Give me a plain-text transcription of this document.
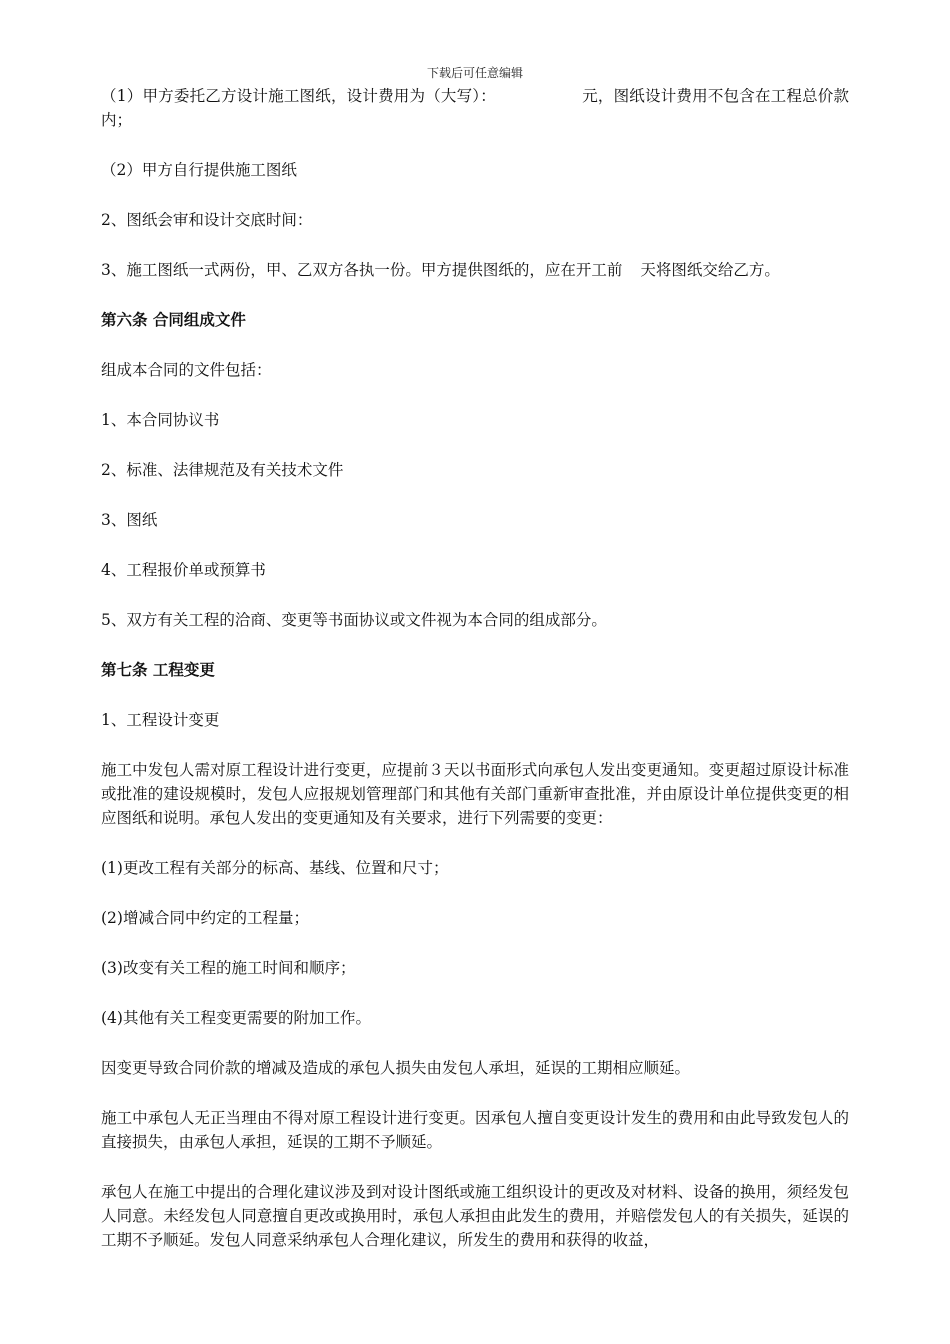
下载后可任意编辑

（1）甲方委托乙方设计施工图纸，设计费用为（大写）：	元，图纸设计费用不包含在工程总价款内；

（2）甲方自行提供施工图纸

2、图纸会审和设计交底时间：

3、施工图纸一式两份，甲、乙双方各执一份。甲方提供图纸的，应在开工前 天将图纸交给乙方。

第六条 合同组成文件

组成本合同的文件包括：

1、本合同协议书

2、标准、法律规范及有关技术文件

3、图纸

4、工程报价单或预算书

5、双方有关工程的洽商、变更等书面协议或文件视为本合同的组成部分。

第七条 工程变更

1、工程设计变更

施工中发包人需对原工程设计进行变更，应提前３天以书面形式向承包人发出变更通知。变更超过原设计标准或批准的建设规模时，发包人应报规划管理部门和其他有关部门重新审查批准，并由原设计单位提供变更的相应图纸和说明。承包人发出的变更通知及有关要求，进行下列需要的变更：

(1)更改工程有关部分的标高、基线、位置和尺寸；

(2)增减合同中约定的工程量；

(3)改变有关工程的施工时间和顺序；

(4)其他有关工程变更需要的附加工作。

因变更导致合同价款的增减及造成的承包人损失由发包人承坦，延误的工期相应顺延。

施工中承包人无正当理由不得对原工程设计进行变更。因承包人擅自变更设计发生的费用和由此导致发包人的直接损失，由承包人承担，延误的工期不予顺延。

承包人在施工中提出的合理化建议涉及到对设计图纸或施工组织设计的更改及对材料、设备的换用，须经发包人同意。未经发包人同意擅自更改或换用时，承包人承担由此发生的费用，并赔偿发包人的有关损失，延误的工期不予顺延。发包人同意采纳承包人合理化建议，所发生的费用和获得的收益，
